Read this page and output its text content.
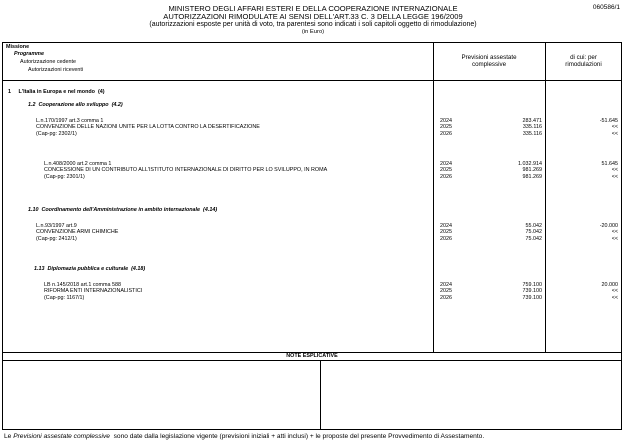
060586/1
MINISTERO DEGLI AFFARI ESTERI E DELLA COOPERAZIONE INTERNAZIONALE
AUTORIZZAZIONI RIMODULATE AI SENSI DELL'ART.33 C. 3 DELLA LEGGE 196/2009
(autorizzazioni esposte per unità di voto, tra parentesi sono indicati i soli capitoli oggetto di rimodulazione)
(in Euro)
Missione
Programme
Autorizzazione cedente
Autorizzazioni riceventi
Previsioni assestate
complessive
di cui: per
rimodulazioni
1 L'Italia in Europa e nel mondo (4)
1.2 Cooperazione allo sviluppo (4.2)
L.n.170/1997 art.3 comma 1
CONVENZIONE DELLE NAZIONI UNITE PER LA LOTTA CONTRO LA DESERTIFICAZIONE
(Cap-pg: 2302/1)
2024
2025
2026
283.471
335.116
335.116
-51.645
<<
<<
L.n.408/2000 art.2 comma 1
CONCESSIONE DI UN CONTRIBUTO ALL'ISTITUTO INTERNAZIONALE DI DIRITTO PER LO SVILUPPO, IN ROMA
(Cap-pg: 2301/1)
2024
2025
2026
1.032.914
981.269
981.269
51.645
<<
<<
1.10 Coordinamento dell'Amministrazione in ambito internazionale (4.14)
L.n.93/1997 art.9
CONVENZIONE ARMI CHIMICHE
(Cap-pg: 2412/1)
2024
2025
2026
55.042
75.042
75.042
-20.000
<<
<<
1.13 Diplomazia pubblica e culturale (4.18)
LB n.145/2018 art.1 comma 588
RIFORMA ENTI INTERNAZIONALISTICI
(Cap-pg: 1167/1)
2024
2025
2026
759.100
739.100
739.100
20.000
<<
<<
NOTE ESPLICATIVE
Le Previsioni assestate complessive sono date dalla legislazione vigente (previsioni iniziali + atti inclusi) + le proposte del presente Provvedimento di Assestamento.
